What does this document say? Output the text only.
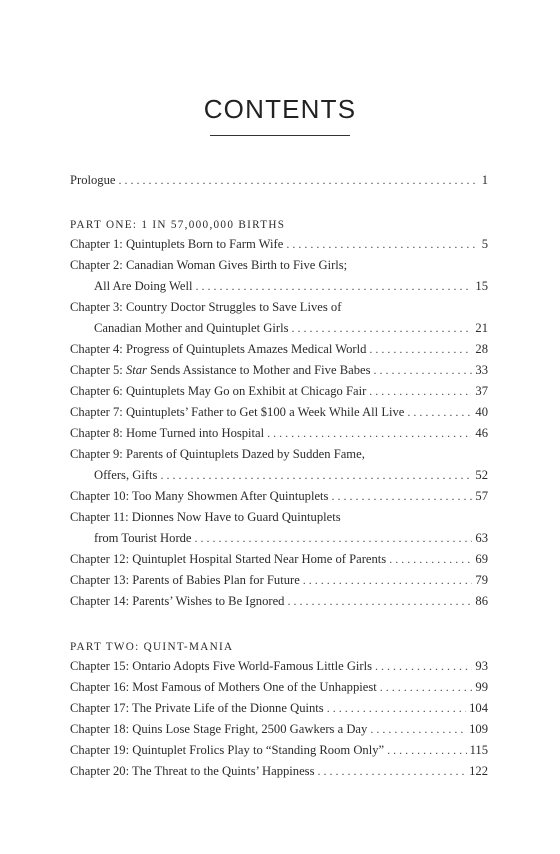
CONTENTS
Prologue . . .	1
PART ONE: 1 IN 57,000,000 BIRTHS
Chapter 1: Quintuplets Born to Farm Wife . . .	5
Chapter 2: Canadian Woman Gives Birth to Five Girls;
All Are Doing Well . . .	15
Chapter 3: Country Doctor Struggles to Save Lives of
Canadian Mother and Quintuplet Girls . . .	21
Chapter 4: Progress of Quintuplets Amazes Medical World . . .	28
Chapter 5: Star Sends Assistance to Mother and Five Babes . . .	33
Chapter 6: Quintuplets May Go on Exhibit at Chicago Fair . . .	37
Chapter 7: Quintuplets’ Father to Get $100 a Week While All Live . . .	40
Chapter 8: Home Turned into Hospital . . .	46
Chapter 9: Parents of Quintuplets Dazed by Sudden Fame,
Offers, Gifts . . .	52
Chapter 10: Too Many Showmen After Quintuplets . . .	57
Chapter 11: Dionnes Now Have to Guard Quintuplets
from Tourist Horde . . .	63
Chapter 12: Quintuplet Hospital Started Near Home of Parents . . .	69
Chapter 13: Parents of Babies Plan for Future . . .	79
Chapter 14: Parents’ Wishes to Be Ignored . . .	86
PART TWO: QUINT-MANIA
Chapter 15: Ontario Adopts Five World-Famous Little Girls . . .	93
Chapter 16: Most Famous of Mothers One of the Unhappiest . . .	99
Chapter 17: The Private Life of the Dionne Quints . . .	104
Chapter 18: Quins Lose Stage Fright, 2500 Gawkers a Day . . .	109
Chapter 19: Quintuplet Frolics Play to “Standing Room Only” . . .	115
Chapter 20: The Threat to the Quints’ Happiness . . .	122
